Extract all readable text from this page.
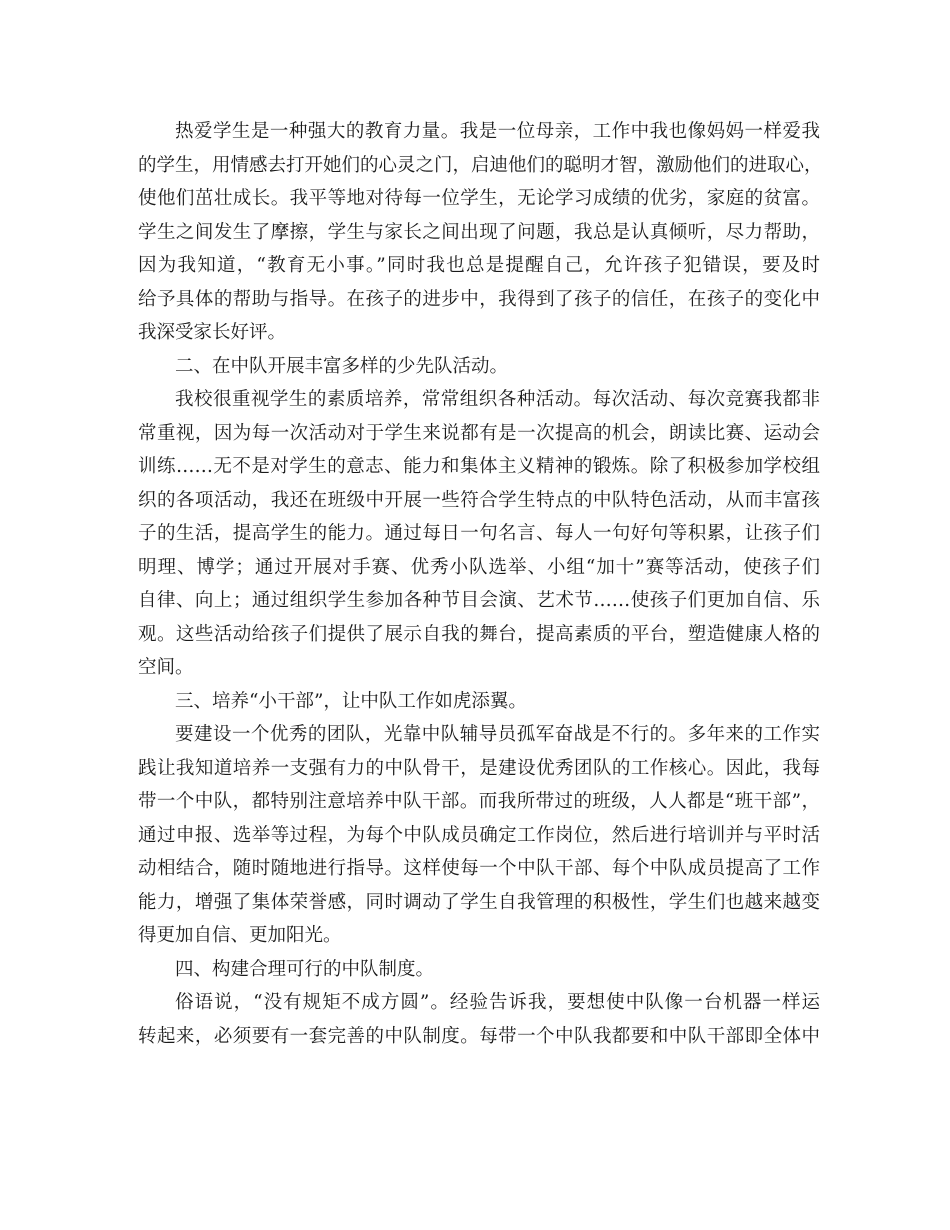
热爱学生是一种强大的教育力量。我是一位母亲，工作中我也像妈妈一样爱我
的学生，用情感去打开她们的心灵之门，启迪他们的聪明才智，激励他们的进取心，
使他们茁壮成长。我平等地对待每一位学生，无论学习成绩的优劣，家庭的贫富。
学生之间发生了摩擦，学生与家长之间出现了问题，我总是认真倾听，尽力帮助，
因为我知道，“教育无小事。”同时我也总是提醒自己，允许孩子犯错误，要及时
给予具体的帮助与指导。在孩子的进步中，我得到了孩子的信任，在孩子的变化中
我深受家长好评。
二、在中队开展丰富多样的少先队活动。
我校很重视学生的素质培养，常常组织各种活动。每次活动、每次竞赛我都非
常重视，因为每一次活动对于学生来说都有是一次提高的机会，朗读比赛、运动会
训练……无不是对学生的意志、能力和集体主义精神的锻炼。除了积极参加学校组
织的各项活动，我还在班级中开展一些符合学生特点的中队特色活动，从而丰富孩
子的生活，提高学生的能力。通过每日一句名言、每人一句好句等积累，让孩子们
明理、博学；通过开展对手赛、优秀小队选举、小组“加十”赛等活动，使孩子们
自律、向上；通过组织学生参加各种节目会演、艺术节……使孩子们更加自信、乐
观。这些活动给孩子们提供了展示自我的舞台，提高素质的平台，塑造健康人格的
空间。
三、培养“小干部”，让中队工作如虎添翼。
要建设一个优秀的团队，光靠中队辅导员孤军奋战是不行的。多年来的工作实
践让我知道培养一支强有力的中队骨干，是建设优秀团队的工作核心。因此，我每
带一个中队，都特别注意培养中队干部。而我所带过的班级，人人都是“班干部”，
通过申报、选举等过程，为每个中队成员确定工作岗位，然后进行培训并与平时活
动相结合，随时随地进行指导。这样使每一个中队干部、每个中队成员提高了工作
能力，增强了集体荣誉感，同时调动了学生自我管理的积极性，学生们也越来越变
得更加自信、更加阳光。
四、构建合理可行的中队制度。
俗语说，“没有规矩不成方圆”。经验告诉我，要想使中队像一台机器一样运
转起来，必须要有一套完善的中队制度。每带一个中队我都要和中队干部即全体中
